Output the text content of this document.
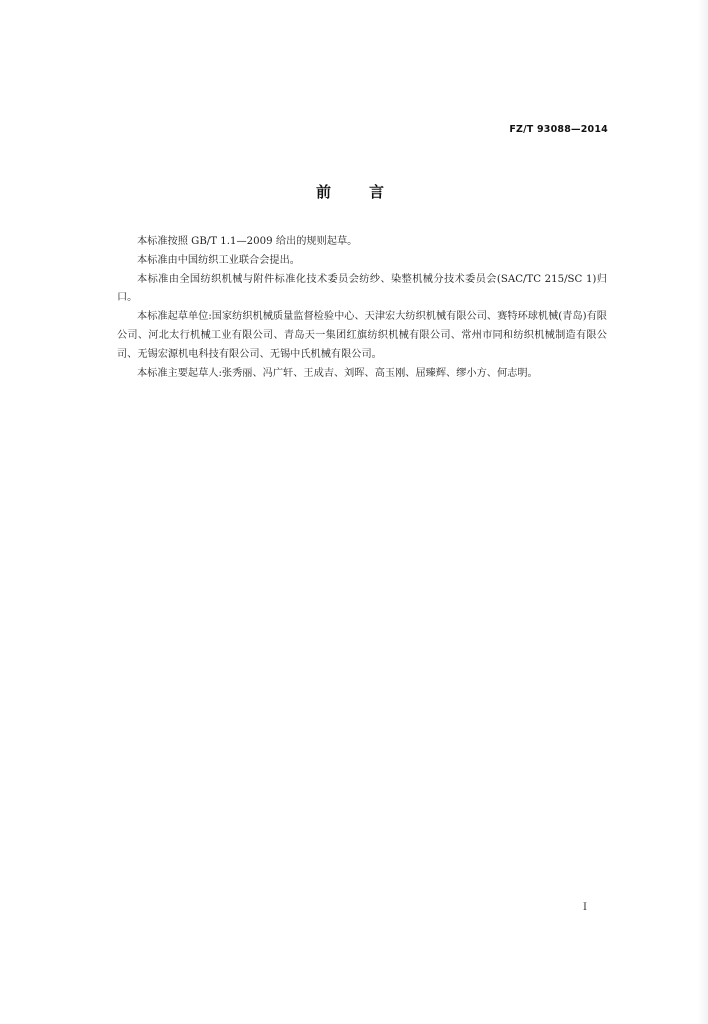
FZ/T 93088—2014
前言

本标准按照 GB/T 1.1—2009 给出的规则起草。

本标准由中国纺织工业联合会提出。

本标准由全国纺织机械与附件标准化技术委员会纺纱、染整机械分技术委员会(SAC/TC 215/SC 1)归口。

本标准起草单位:国家纺织机械质量监督检验中心、天津宏大纺织机械有限公司、赛特环球机械(青岛)有限公司、河北太行机械工业有限公司、青岛天一集团红旗纺织机械有限公司、常州市同和纺织机械制造有限公司、无锡宏源机电科技有限公司、无锡中氏机械有限公司。

本标准主要起草人:张秀丽、冯广轩、王成吉、刘晖、高玉刚、屈臻辉、缪小方、何志明。

I
